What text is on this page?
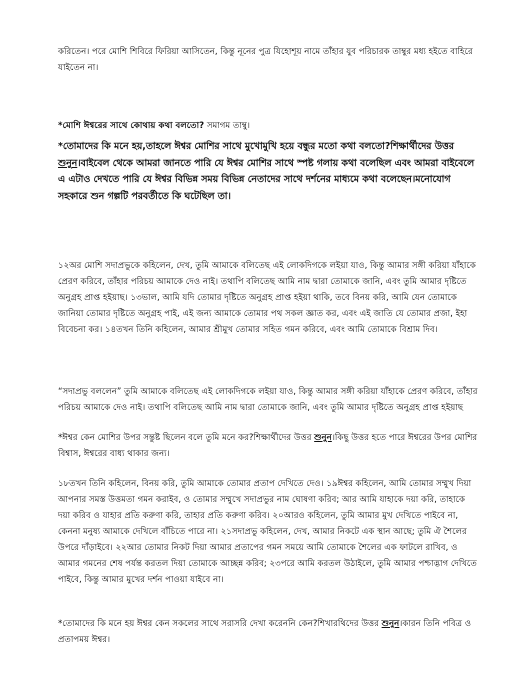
করিতেন। পরে মোশি শিবিরে ফিরিয়া আসিতেন, কিন্তু নূনের পুত্র যিহোশূয় নামে তাঁহার যুব পরিচারক তাম্বুর মধ্য হইতে বাহিরে যাইতেন না।

*মোশি ঈশ্বরের সাথে কোথায় কথা বলতো? সমাগম তাম্বু।

*তোমাদের কি মনে হয়,তাহলে ঈশ্বর মোশির সাথে মুখোমুখি হয়ে বন্ধুর মতো কথা বলতো?শিক্ষার্থীদের উত্তর শুনুন।বাইবেল থেকে আমরা জানতে পারি যে ঈশ্বর মোশির সাথে স্পষ্ট গলায় কথা বলেছিল এবং আমরা বাইবেলে এ এটাও দেখতে পারি যে ঈশ্বর বিভিন্ন সময় বিভিন্ন নেতাদের সাথে দর্শনের মাধ্যমে কথা বলেছেন।মনোযোগ সহকারে শুন গল্পটি পরবর্তীতে কি ঘটেছিল তা।

১২অর মোশি সদাপ্রভুকে কহিলেন, দেখ, তুমি আমাকে বলিতেছ এই লোকদিগকে লইয়া যাও, কিন্তু আমার সঙ্গী করিয়া যাঁহাকে প্রেরণ করিবে, তাঁহার পরিচয় আমাকে দেও নাই। তথাপি বলিতেছ আমি নাম দ্বারা তোমাকে জানি, এবং তুমি আমার দৃষ্টিতে অনুগ্রহ প্রাপ্ত হইয়াছ। ১৩ভাল, আমি যদি তোমার দৃষ্টিতে অনুগ্রহ প্রাপ্ত হইয়া থাকি, তবে বিনয় করি, আমি যেন তোমাকে জানিয়া তোমার দৃষ্টিতে অনুগ্রহ পাই, এই জন্য আমাকে তোমার পথ সকল জ্ঞাত কর, এবং এই জাতি যে তোমার প্রজা, ইহা বিবেচনা কর। ১৪তখন তিনি কহিলেন, আমার শ্রীমুখ তোমার সহিত গমন করিবে, এবং আমি তোমাকে বিশ্রাম দিব।

“সদাপ্রভু বললেন” তুমি আমাকে বলিতেছ এই লোকদিগকে লইয়া যাও, কিন্তু আমার সঙ্গী করিয়া যাঁহাকে প্রেরণ করিবে, তাঁহার পরিচয় আমাকে দেও নাই। তথাপি বলিতেছ আমি নাম দ্বারা তোমাকে জানি, এবং তুমি আমার দৃষ্টিতে অনুগ্রহ প্রাপ্ত হইয়াছ

*ঈশ্বর কেন মোশির উপর সন্তুষ্ট ছিলেন বলে তুমি মনে কর?শিক্ষার্থীদের উত্তর শুনুন।কিছু উত্তর হতে পারে ঈশ্বরের উপর মোশির বিশ্বাস, ঈশ্বরের বাধ্য থাকার জন্য।

১৮তখন তিনি কহিলেন, বিনয় করি, তুমি আমাকে তোমার প্রতাপ দেখিতে দেও। ১৯ঈশ্বর কহিলেন, আমি তোমার সম্মুখ দিয়া আপনার সমস্ত উত্তমতা গমন করাইব, ও তোমার সম্মুখে সদাপ্রভুর নাম ঘোষণা করিব; আর আমি যাহাকে দয়া করি, তাহাকে দয়া করিব ও যাহার প্রতি করুণা করি, তাহার প্রতি করুণা করিব। ২০আরও কহিলেন, তুমি আমার মুখ দেখিতে পাইবে না, কেননা মনুষ্য আমাকে দেখিলে বাঁচিতে পারে না। ২১সদাপ্রভু কহিলেন, দেখ, আমার নিকটে এক স্থান আছে; তুমি ঐ শৈলের উপরে দাঁড়াইবে। ২২আর তোমার নিকট দিয়া আমার প্রতাপের গমন সময়ে আমি তোমাকে শৈলের এক ফাটলে রাখিব, ও আমার গমনের শেষ পর্যন্ত করতল দিয়া তোমাকে আচ্ছন্ন করিব; ২৩পরে আমি করতল উঠাইলে, তুমি আমার পশ্চাদ্ভাগ দেখিতে পাইবে, কিন্তু আমার মুখের দর্শন পাওয়া যাইবে না।

*তোমাদের কি মনে হয় ঈশ্বর কেন সকলের সাথে সরাসরি দেখা করেননি কেন?শিখারথিদের উত্তর শুনুন।কারন তিনি পবিত্র ও প্রতাপময় ঈশ্বর।
